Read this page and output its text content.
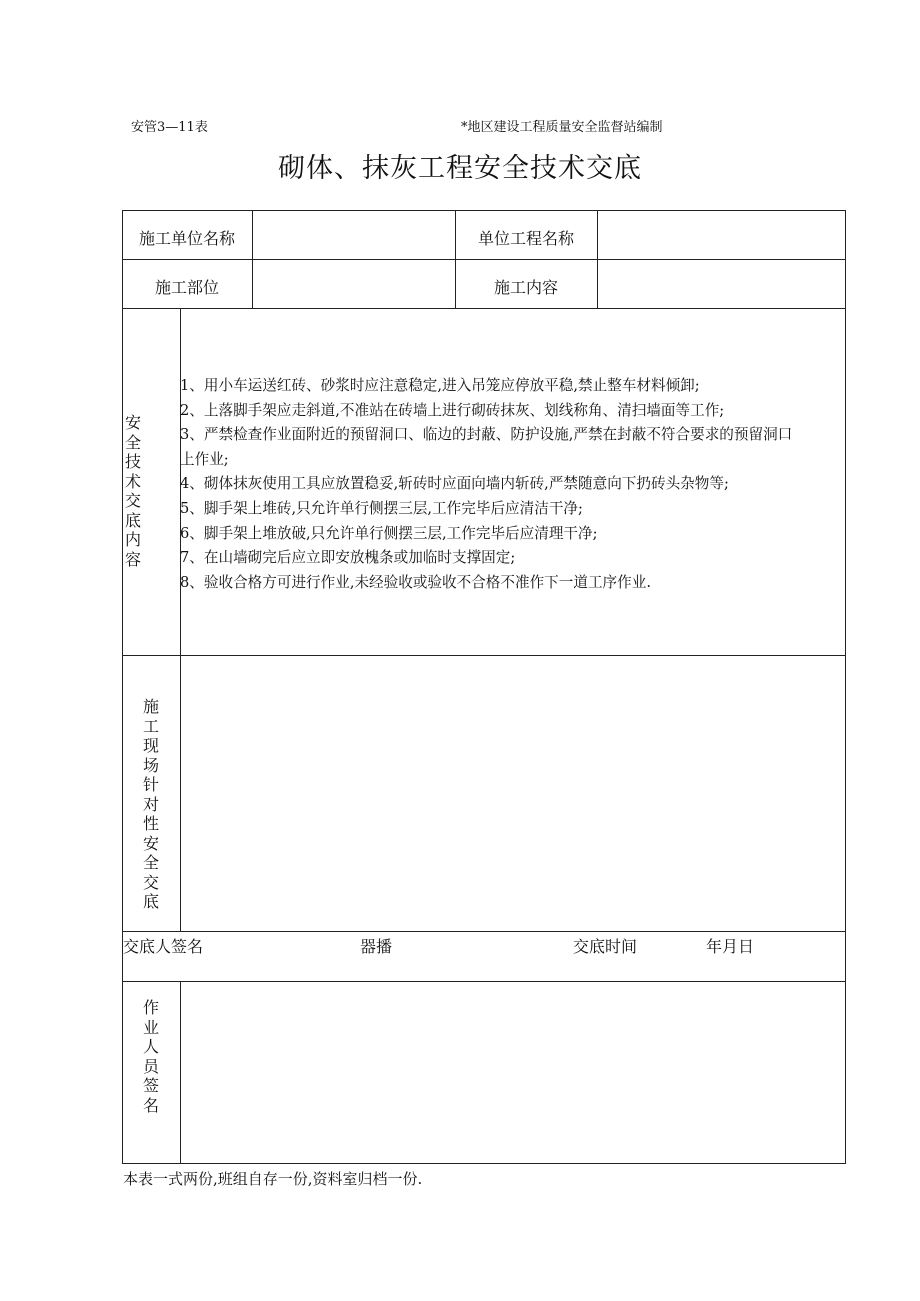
安管3—11表	*地区建设工程质量安全监督站编制
砌体、抹灰工程安全技术交底
施工单位名称	单位工程名称
施工部位	施工内容
安全技术交底内容
1、用小车运送红砖、砂浆时应注意稳定,进入吊笼应停放平稳,禁止整车材料倾卸;
2、上落脚手架应走斜道,不准站在砖墙上进行砌砖抹灰、划线称角、清扫墙面等工作;
3、严禁检查作业面附近的预留洞口、临边的封蔽、防护设施,严禁在封蔽不符合要求的预留洞口
上作业;
4、砌体抹灰使用工具应放置稳妥,斩砖时应面向墙内斩砖,严禁随意向下扔砖头杂物等;
5、脚手架上堆砖,只允许单行侧摆三层,工作完毕后应清洁干净;
6、脚手架上堆放破,只允许单行侧摆三层,工作完毕后应清理干净;
7、在山墙砌完后应立即安放槐条或加临时支撑固定;
8、验收合格方可进行作业,未经验收或验收不合格不准作下一道工序作业.
施工现场针对性安全交底
交底人签名	器播	交底时间	年月日
作业人员签名
本表一式两份,班组自存一份,资料室归档一份.
